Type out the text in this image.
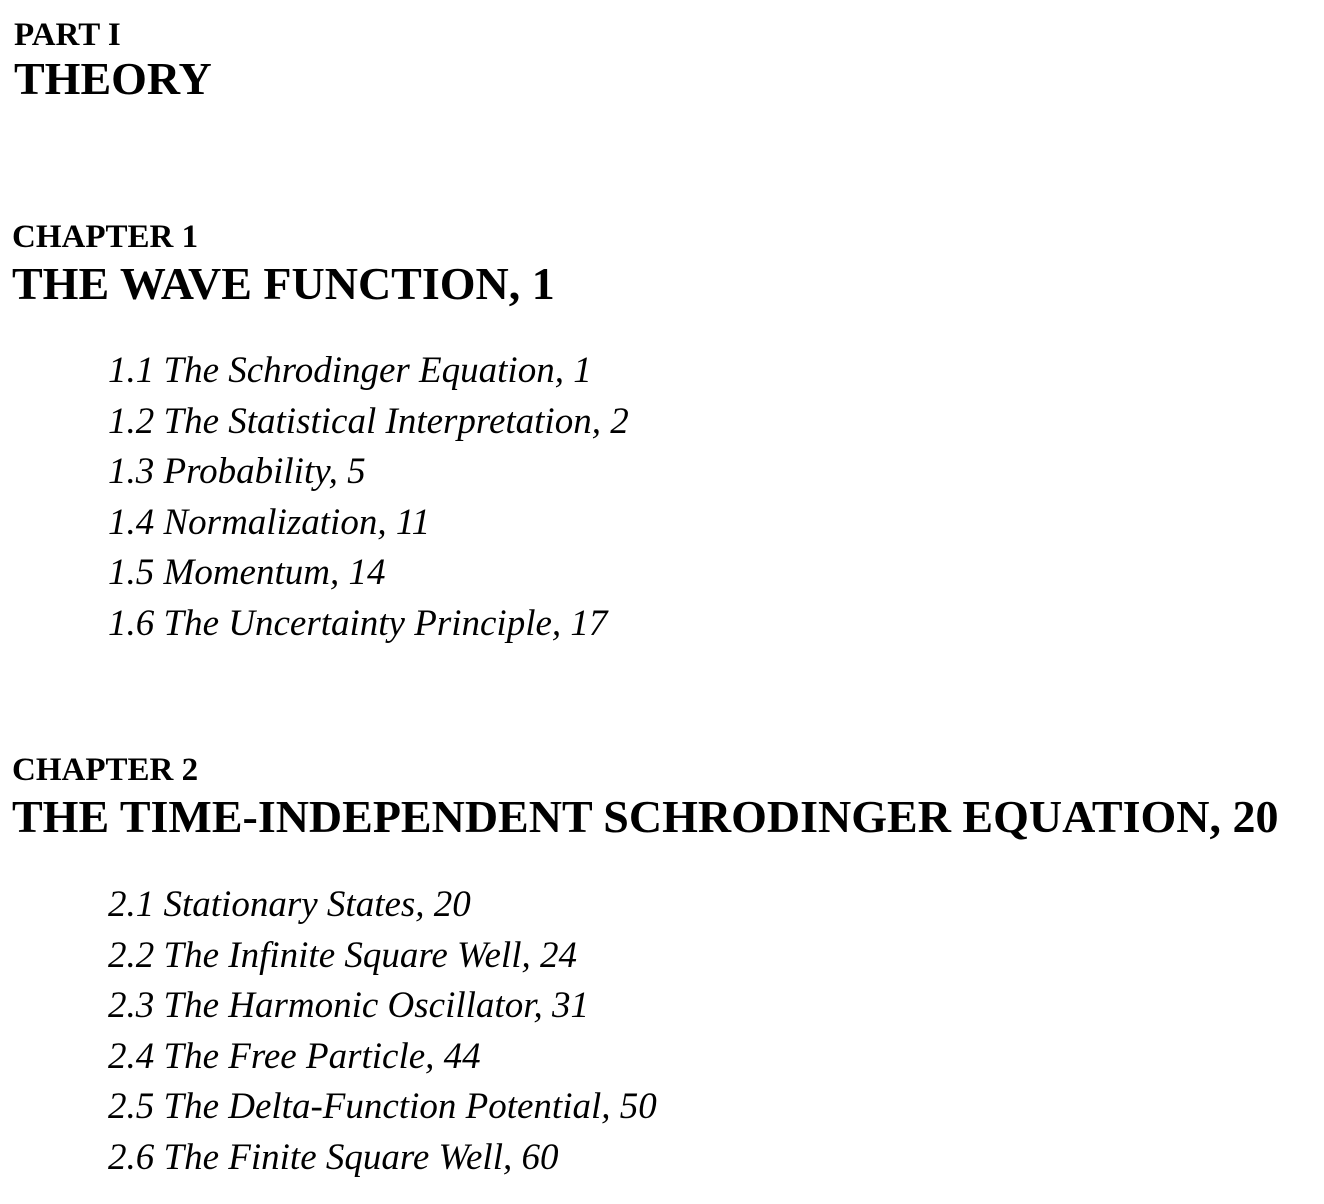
PART I
THEORY
CHAPTER 1
THE WAVE FUNCTION, 1
1.1 The Schrodinger Equation, 1
1.2 The Statistical Interpretation, 2
1.3 Probability, 5
1.4 Normalization, 11
1.5 Momentum, 14
1.6 The Uncertainty Principle, 17
CHAPTER 2
THE TIME-INDEPENDENT SCHRODINGER EQUATION, 20
2.1 Stationary States, 20
2.2 The Infinite Square Well, 24
2.3 The Harmonic Oscillator, 31
2.4 The Free Particle, 44
2.5 The Delta-Function Potential, 50
2.6 The Finite Square Well, 60
